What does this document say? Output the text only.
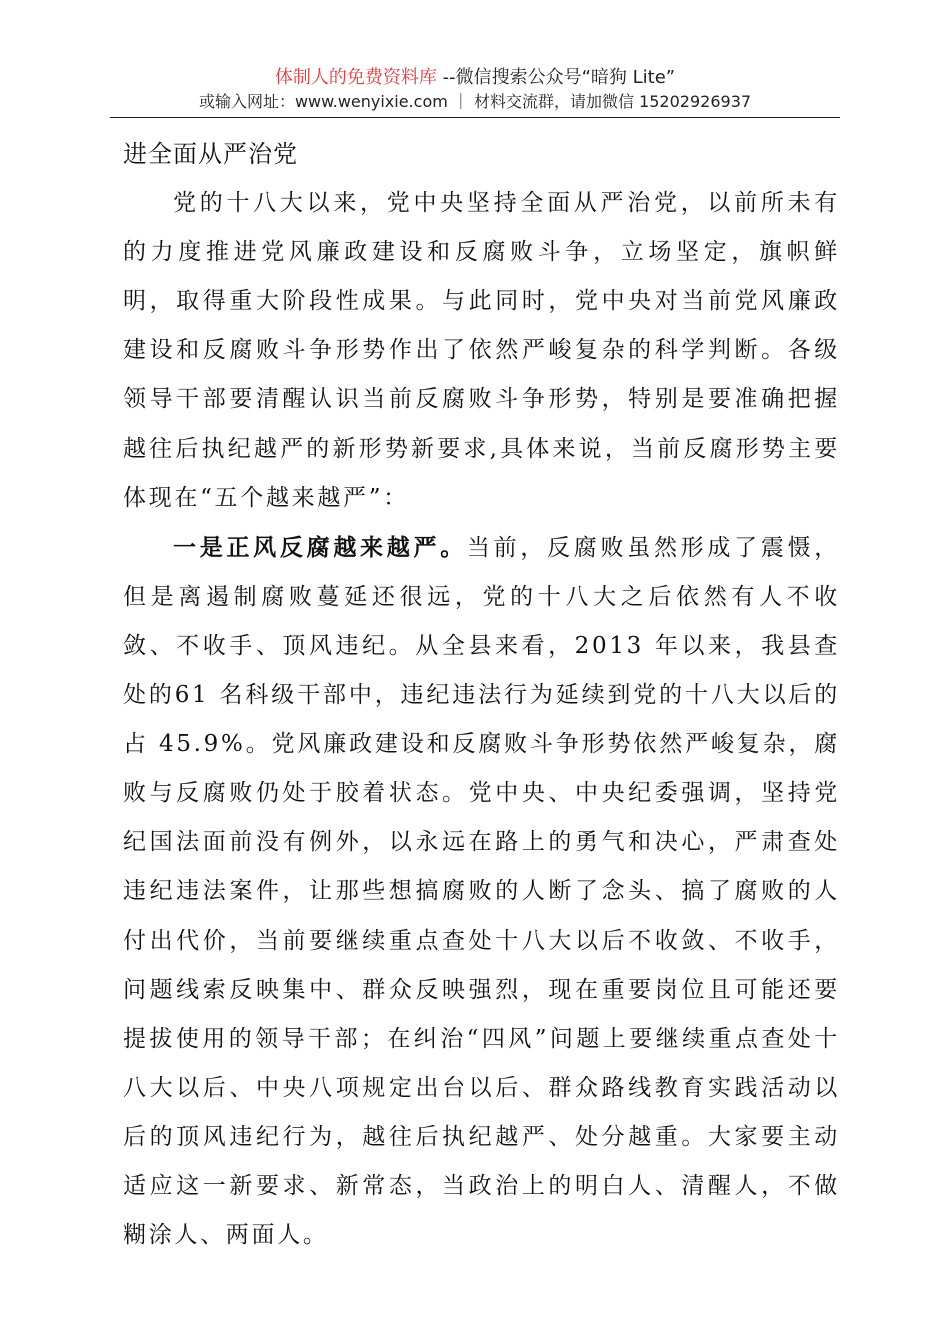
体制人的免费资料库 --微信搜索公众号“暗狗 Lite”
或输入网址：www.wenyixie.com ｜ 材料交流群，请加微信 15202926937

进全面从严治党

党的十八大以来，党中央坚持全面从严治党，以前所未有的力度推进党风廉政建设和反腐败斗争，立场坚定，旗帜鲜明，取得重大阶段性成果。与此同时，党中央对当前党风廉政建设和反腐败斗争形势作出了依然严峻复杂的科学判断。各级领导干部要清醒认识当前反腐败斗争形势，特别是要准确把握越往后执纪越严的新形势新要求,具体来说，当前反腐形势主要体现在“五个越来越严”：

一是正风反腐越来越严。当前，反腐败虽然形成了震慑，但是离遏制腐败蔓延还很远，党的十八大之后依然有人不收敛、不收手、顶风违纪。从全县来看，2013 年以来，我县查处的61 名科级干部中，违纪违法行为延续到党的十八大以后的占 45.9%。党风廉政建设和反腐败斗争形势依然严峻复杂，腐败与反腐败仍处于胶着状态。党中央、中央纪委强调，坚持党纪国法面前没有例外，以永远在路上的勇气和决心，严肃查处违纪违法案件，让那些想搞腐败的人断了念头、搞了腐败的人付出代价，当前要继续重点查处十八大以后不收敛、不收手，问题线索反映集中、群众反映强烈，现在重要岗位且可能还要提拔使用的领导干部；在纠治“四风”问题上要继续重点查处十八大以后、中央八项规定出台以后、群众路线教育实践活动以后的顶风违纪行为，越往后执纪越严、处分越重。大家要主动适应这一新要求、新常态，当政治上的明白人、清醒人，不做糊涂人、两面人。
